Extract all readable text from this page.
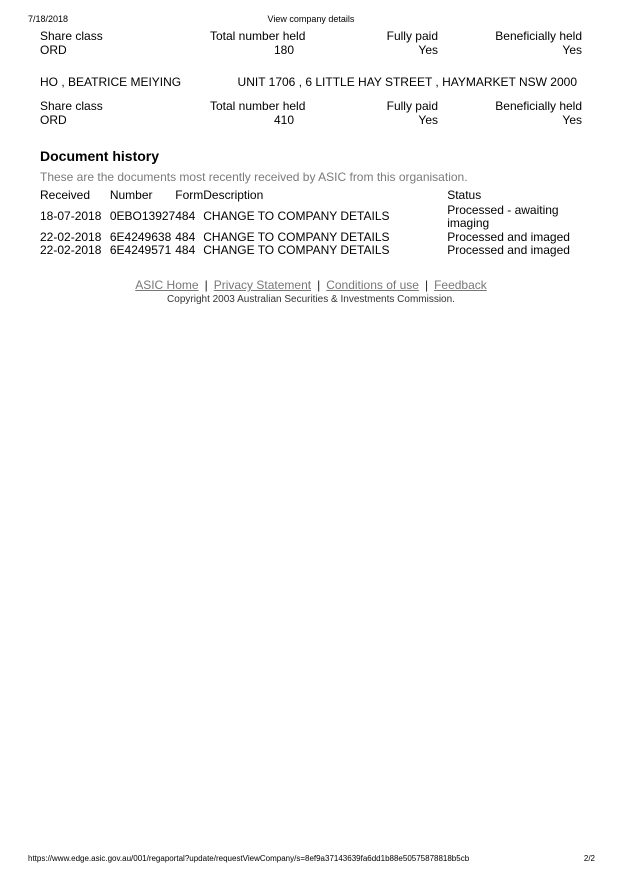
7/18/2018	View company details
Share class	Total number held	Fully paid	Beneficially held
ORD	180	Yes	Yes
HO , BEATRICE MEIYING	UNIT 1706 , 6 LITTLE HAY STREET , HAYMARKET NSW 2000
Share class	Total number held	Fully paid	Beneficially held
ORD	410	Yes	Yes
Document history
These are the documents most recently received by ASIC from this organisation.
Received	Number	Form	Description	Status
18-07-2018	0EBO13927	484	CHANGE TO COMPANY DETAILS	Processed - awaiting imaging
22-02-2018	6E4249638	484	CHANGE TO COMPANY DETAILS	Processed and imaged
22-02-2018	6E4249571	484	CHANGE TO COMPANY DETAILS	Processed and imaged
ASIC Home | Privacy Statement | Conditions of use | Feedback
Copyright 2003 Australian Securities & Investments Commission.
https://www.edge.asic.gov.au/001/regaportal?update/requestViewCompany/s=8ef9a37143639fa6dd1b88e50575878818b5cb	2/2
